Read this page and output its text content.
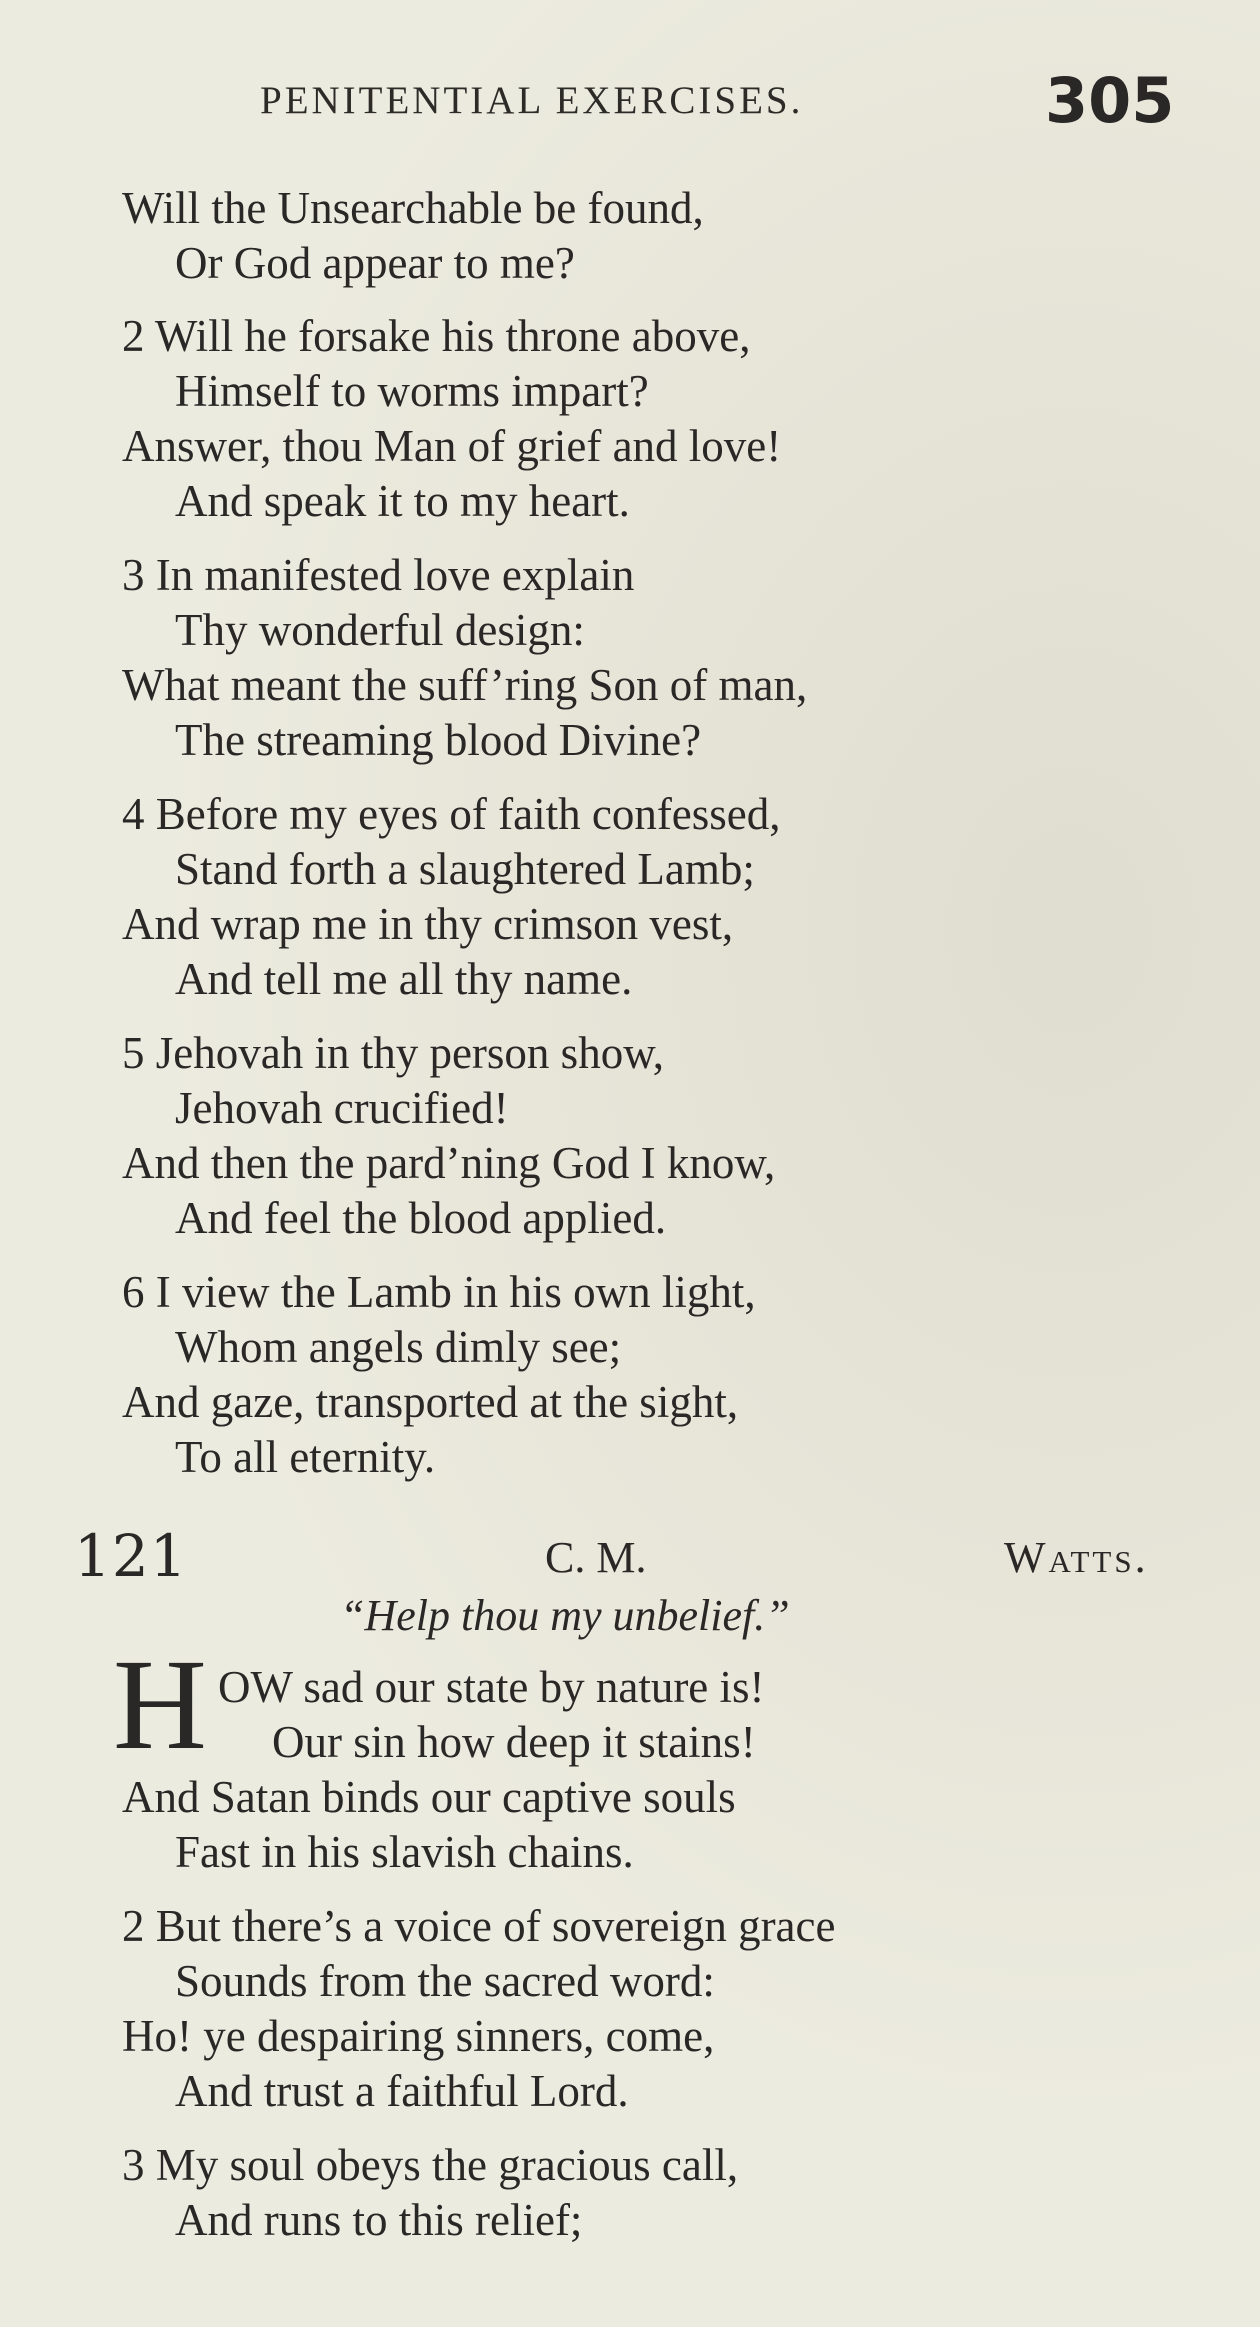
PENITENTIAL EXERCISES.	305
Will the Unsearchable be found,
Or God appear to me?
2 Will he forsake his throne above,
Himself to worms impart?
Answer, thou Man of grief and love!
And speak it to my heart.
3 In manifested love explain
Thy wonderful design:
What meant the suff’ring Son of man,
The streaming blood Divine?
4 Before my eyes of faith confessed,
Stand forth a slaughtered Lamb;
And wrap me in thy crimson vest,
And tell me all thy name.
5 Jehovah in thy person show,
Jehovah crucified!
And then the pard’ning God I know,
And feel the blood applied.
6 I view the Lamb in his own light,
Whom angels dimly see;
And gaze, transported at the sight,
To all eternity.
121	C. M.	Watts.
“Help thou my unbelief.”
H OW sad our state by nature is!
Our sin how deep it stains!
And Satan binds our captive souls
Fast in his slavish chains.
2 But there’s a voice of sovereign grace
Sounds from the sacred word:
Ho! ye despairing sinners, come,
And trust a faithful Lord.
3 My soul obeys the gracious call,
And runs to this relief;
